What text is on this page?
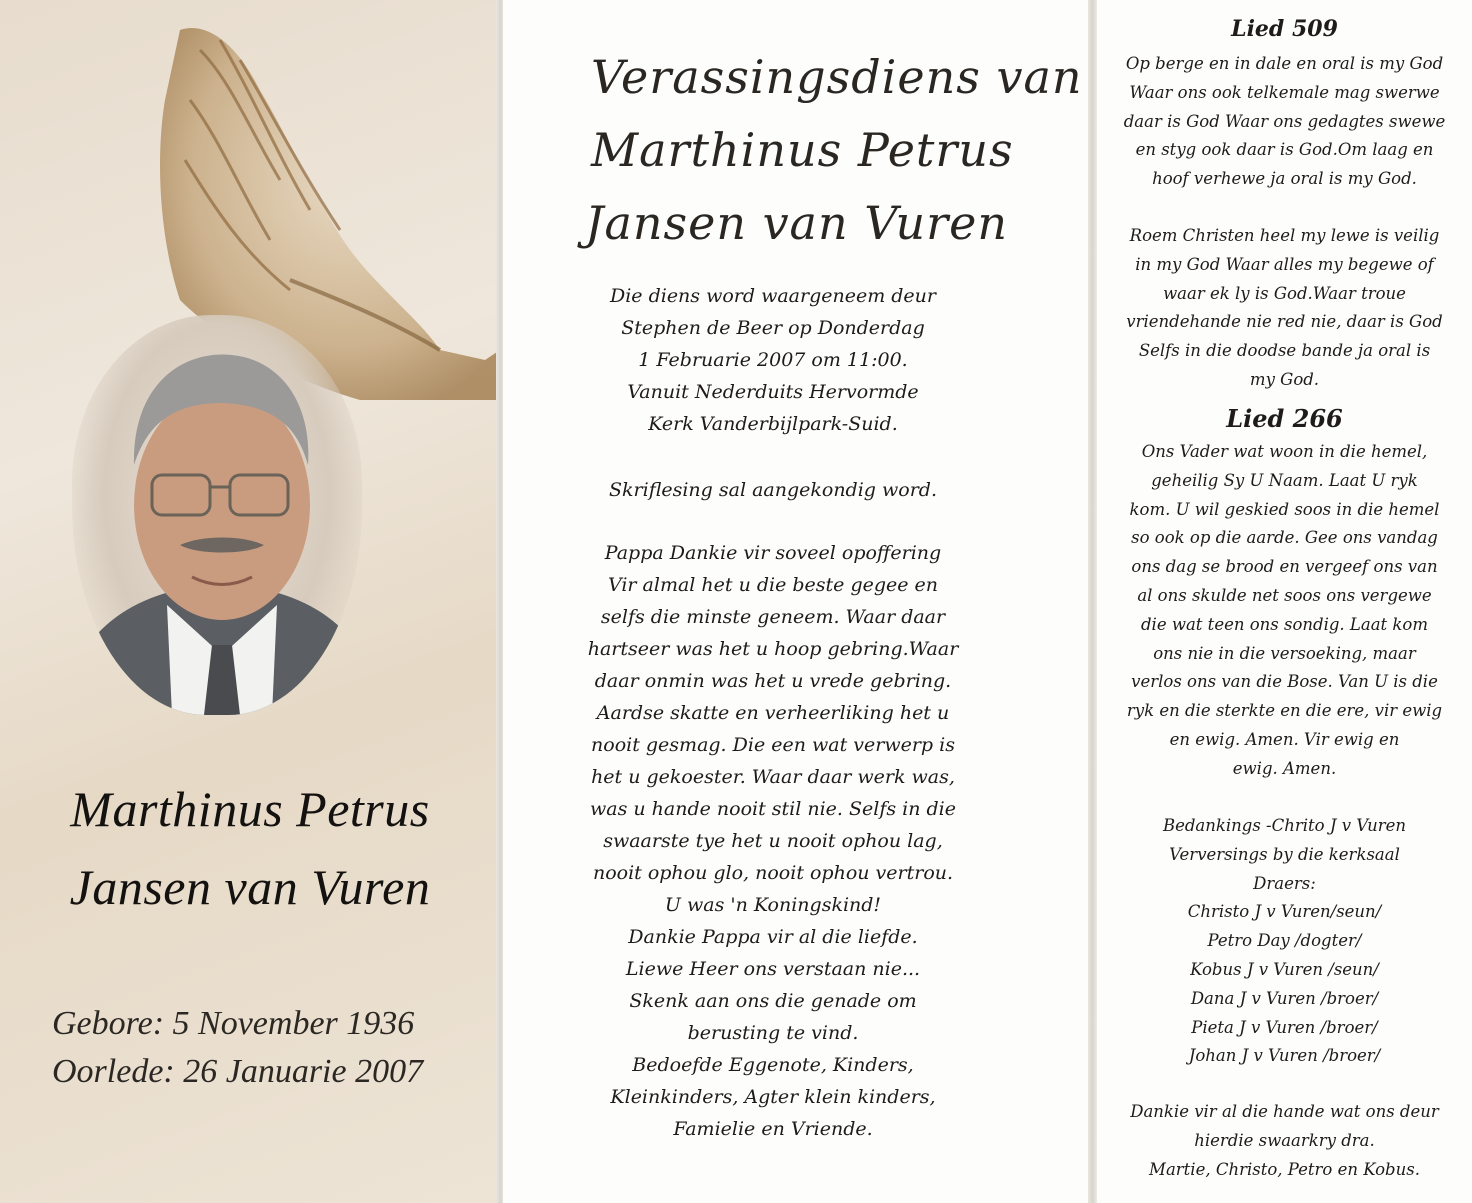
Marthinus Petrus
Jansen van Vuren
Gebore: 5 November 1936
Oorlede: 26 Januarie 2007
Verassingsdiens van
Marthinus Petrus
Jansen van Vuren
Die diens word waargeneem deur
Stephen de Beer op Donderdag
1 Februarie 2007 om 11:00.
Vanuit Nederduits Hervormde
Kerk Vanderbijlpark-Suid.
Skriflesing sal aangekondig word.
Pappa Dankie vir soveel opoffering
Vir almal het u die beste gegee en
selfs die minste geneem. Waar daar
hartseer was het u hoop gebring.Waar
daar onmin was het u vrede gebring.
Aardse skatte en verheerliking het u
nooit gesmag. Die een wat verwerp is
het u gekoester. Waar daar werk was,
was u hande nooit stil nie. Selfs in die
swaarste tye het u nooit ophou lag,
nooit ophou glo, nooit ophou vertrou.
U was 'n Koningskind!
Dankie Pappa vir al die liefde.
Liewe Heer ons verstaan nie...
Skenk aan ons die genade om
berusting te vind.
Bedoefde Eggenote, Kinders,
Kleinkinders, Agter klein kinders,
Famielie en Vriende.
Lied 509
Op berge en in dale en oral is my God
Waar ons ook telkemale mag swerwe
daar is God Waar ons gedagtes swewe
en styg ook daar is God.Om laag en
hoof verhewe ja oral is my God.
Roem Christen heel my lewe is veilig
in my God Waar alles my begewe of
waar ek ly is God.Waar troue
vriendehande nie red nie, daar is God
Selfs in die doodse bande ja oral is
my God.
Lied 266
Ons Vader wat woon in die hemel,
geheilig Sy U Naam. Laat U ryk
kom. U wil geskied soos in die hemel
so ook op die aarde. Gee ons vandag
ons dag se brood en vergeef ons van
al ons skulde net soos ons vergewe
die wat teen ons sondig. Laat kom
ons nie in die versoeking, maar
verlos ons van die Bose. Van U is die
ryk en die sterkte en die ere, vir ewig
en ewig. Amen. Vir ewig en
ewig. Amen.
Bedankings -Chrito J v Vuren
Verversings by die kerksaal
Draers:
Christo J v Vuren/seun/
Petro Day /dogter/
Kobus J v Vuren /seun/
Dana J v Vuren /broer/
Pieta J v Vuren /broer/
Johan J v Vuren /broer/
Dankie vir al die hande wat ons deur
hierdie swaarkry dra.
Martie, Christo, Petro en Kobus.
